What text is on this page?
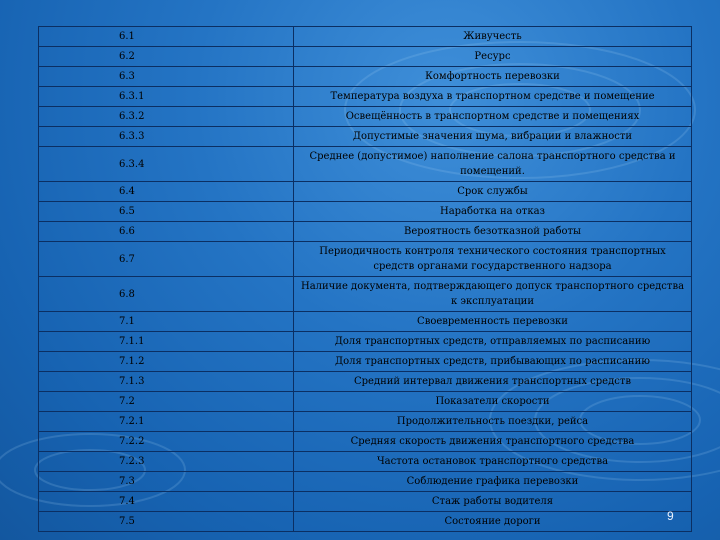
6.1	Живучесть
6.2	Ресурс
6.3	Комфортность перевозки
6.3.1	Температура воздуха в транспортном средстве и помещение
6.3.2	Освещённость в транспортном средстве и помещениях
6.3.3	Допустимые значения шума, вибрации и влажности
6.3.4	Среднее (допустимое) наполнение салона транспортного средства и помещений.
6.4	Срок службы
6.5	Наработка на отказ
6.6	Вероятность безотказной работы
6.7	Периодичность контроля технического состояния транспортных средств органами государственного надзора
6.8	Наличие документа, подтверждающего допуск транспортного средства к эксплуатации
7.1	Своевременность перевозки
7.1.1	Доля транспортных средств, отправляемых по расписанию
7.1.2	Доля транспортных средств, прибывающих по расписанию
7.1.3	Средний интервал движения транспортных средств
7.2	Показатели скорости
7.2.1	Продолжительность поездки, рейса
7.2.2	Средняя скорость движения транспортного средства
7.2.3	Частота остановок транспортного средства
7.3	Соблюдение графика перевозки
7.4	Стаж работы водителя
7.5	Состояние дороги	9
